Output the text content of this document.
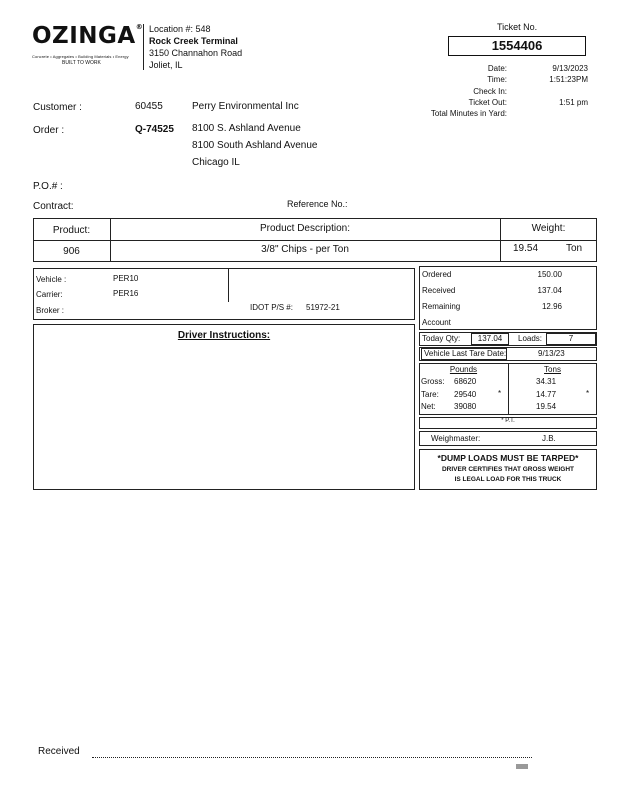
OZINGA®
Concrete • Aggregates • Building Materials • Energy
BUILT TO WORK
Location #: 548
Rock Creek Terminal
3150 Channahon Road
Joliet, IL
Ticket No.
1554406
Date:	9/13/2023
Time:	1:51:23PM
Check In:
Ticket Out:	1:51 pm
Total Minutes in Yard:
Customer :	60455	Perry Environmental Inc
Order :	Q-74525 8100 S. Ashland Avenue
8100 South Ashland Avenue
Chicago IL
P.O.# :
Contract:	Reference No.:
Product:	Product Description:	Weight:
906	3/8" Chips - per Ton	19.54	Ton
Vehicle :	PER10
Carrier:	PER16
Broker :	IDOT P/S #: 51972-21
Driver Instructions:
Ordered	150.00
Received	137.04
Remaining	12.96
Account
Today Qty:	137.04	Loads:	7
Vehicle Last Tare Date:	9/13/23
Pounds	Tons
Gross: 68620	34.31
Tare: 29540	*	14.77	*
Net: 39080	19.54
* P.T.
Weighmaster:	J.B.
*DUMP LOADS MUST BE TARPED*
DRIVER CERTIFIES THAT GROSS WEIGHT
IS LEGAL LOAD FOR THIS TRUCK
Received
